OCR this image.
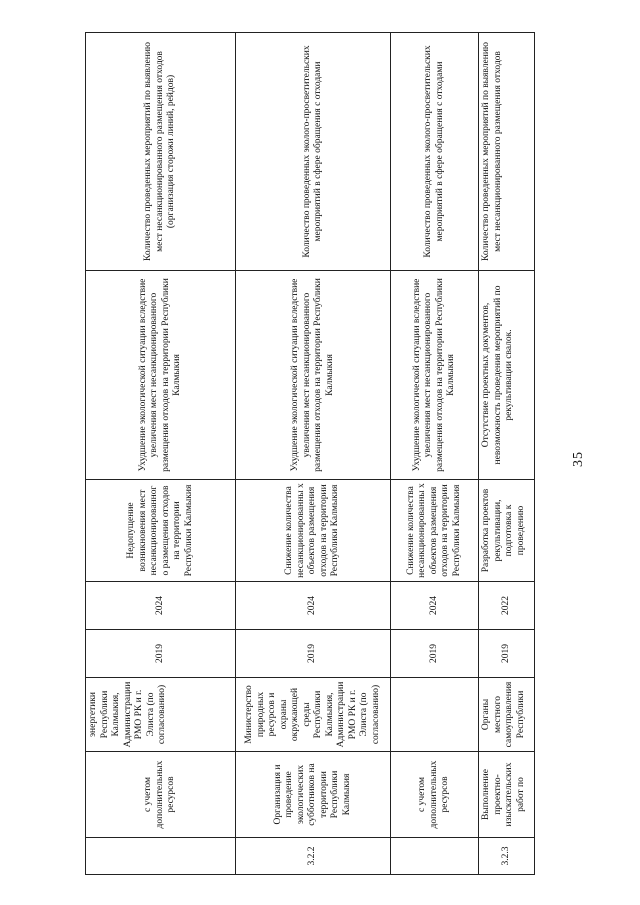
	с учетом дополнительных ресурсов	энергетики Республики Калмыкия, Администрации РМО РК и г. Элиста (по согласованию)	2019	2024	Недопущение возникновения мест несанкционированног о размещения отходов на территории Республики Калмыкия	Ухудшение экологической ситуации вследствие увеличения мест несанкционированного размещения отходов на территории Республики Калмыкия	Количество проведенных мероприятий по выявлению мест несанкционированного размещения отходов (организация сторожи линий, рейдов)
3.2.2	Организация и проведение экологических субботников на территории Республики Калмыкия	Министерство природных ресурсов и охраны окружающей среды Республики Калмыкия, Администрации РМО РК и г. Элиста (по согласованию)	2019	2024	Снижение количества несанкционированны х объектов размещения отходов на территории Республики Калмыкия	Ухудшение экологической ситуации вследствие увеличения мест несанкционированного размещения отходов на территории Республики Калмыкия	Количество проведенных эколого-просветительских мероприятий в сфере обращения с отходами
	с учетом дополнительных ресурсов		2019	2024	Снижение количества несанкционированны х объектов размещения отходов на территории Республики Калмыкия	Ухудшение экологической ситуации вследствие увеличения мест несанкционированного размещения отходов на территории Республики Калмыкия	Количество проведенных эколого-просветительских мероприятий в сфере обращения с отходами
3.2.3	Выполнение проектно-изыскательских работ по	Органы местного самоуправления Республики	2019	2022	Разработка проектов рекультивации, подготовка к проведению	Отсутствие проектных документов, невозможность проведения мероприятий по рекультивации свалок.	Количество проведенных мероприятий по выявлению мест несанкционированного размещения отходов
35
